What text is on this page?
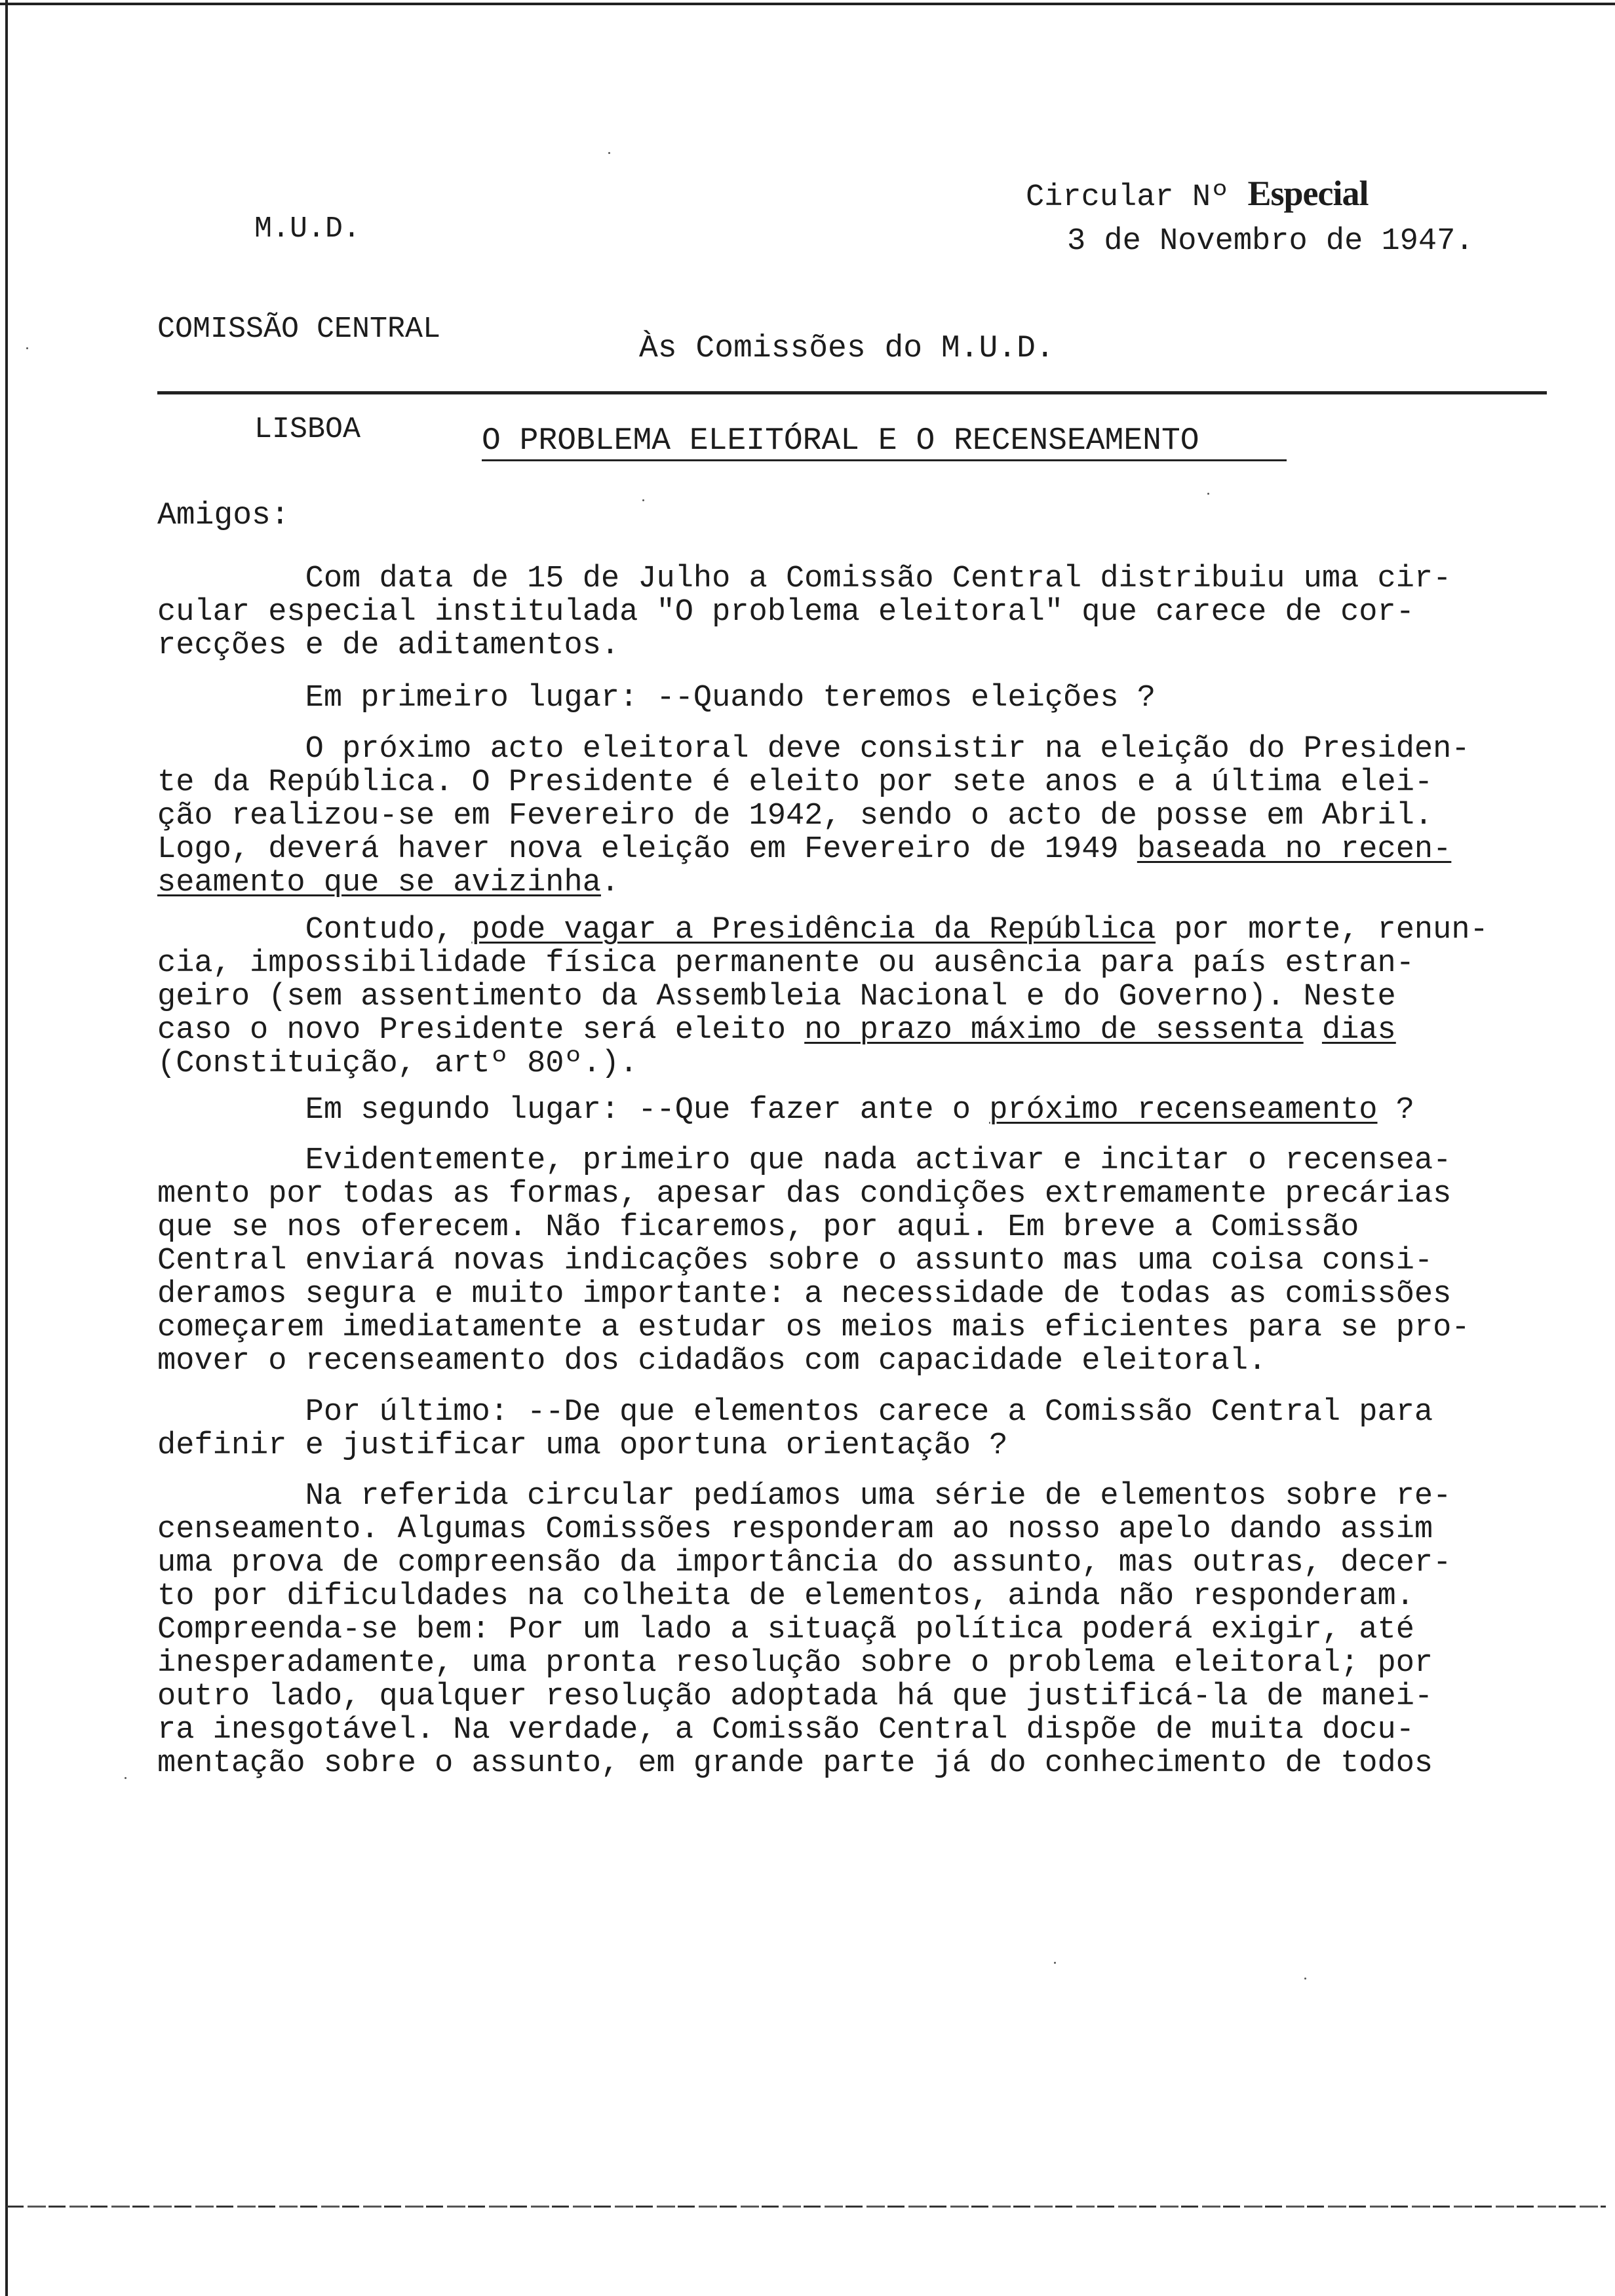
M.U.D.

COMISSÃO CENTRAL

LISBOA

Circular Nº Especial
3 de Novembro de 1947.
Às Comissões do M.U.D.
O PROBLEMA ELEITÓRAL E O RECENSEAMENTO
Amigos:
Com data de 15 de Julho a Comissão Central distribuiu uma cir-
cular especial institulada "O problema eleitoral" que carece de cor-
recções e de aditamentos.
Em primeiro lugar: --Quando teremos eleições ?
O próximo acto eleitoral deve consistir na eleição do Presiden-
te da República. O Presidente é eleito por sete anos e a última elei-
ção realizou-se em Fevereiro de 1942, sendo o acto de posse em Abril.
Logo, deverá haver nova eleição em Fevereiro de 1949 baseada no recen-
seamento que se avizinha.
Contudo, pode vagar a Presidência da República por morte, renun-
cia, impossibilidade física permanente ou ausência para país estran-
geiro (sem assentimento da Assembleia Nacional e do Governo). Neste
caso o novo Presidente será eleito no prazo máximo de sessenta dias
(Constituição, artº 80º.).
Em segundo lugar: --Que fazer ante o próximo recenseamento ?
Evidentemente, primeiro que nada activar e incitar o recensea-
mento por todas as formas, apesar das condições extremamente precárias
que se nos oferecem. Não ficaremos, por aqui. Em breve a Comissão
Central enviará novas indicações sobre o assunto mas uma coisa consi-
deramos segura e muito importante: a necessidade de todas as comissões
começarem imediatamente a estudar os meios mais eficientes para se pro-
mover o recenseamento dos cidadãos com capacidade eleitoral.
Por último: --De que elementos carece a Comissão Central para
definir e justificar uma oportuna orientação ?
Na referida circular pedíamos uma série de elementos sobre re-
censeamento. Algumas Comissões responderam ao nosso apelo dando assim
uma prova de compreensão da importância do assunto, mas outras, decer-
to por dificuldades na colheita de elementos, ainda não responderam.
Compreenda-se bem: Por um lado a situaçã política poderá exigir, até
inesperadamente, uma pronta resolução sobre o problema eleitoral; por
outro lado, qualquer resolução adoptada há que justificá-la de manei-
ra inesgotável. Na verdade, a Comissão Central dispõe de muita docu-
mentação sobre o assunto, em grande parte já do conhecimento de todos
